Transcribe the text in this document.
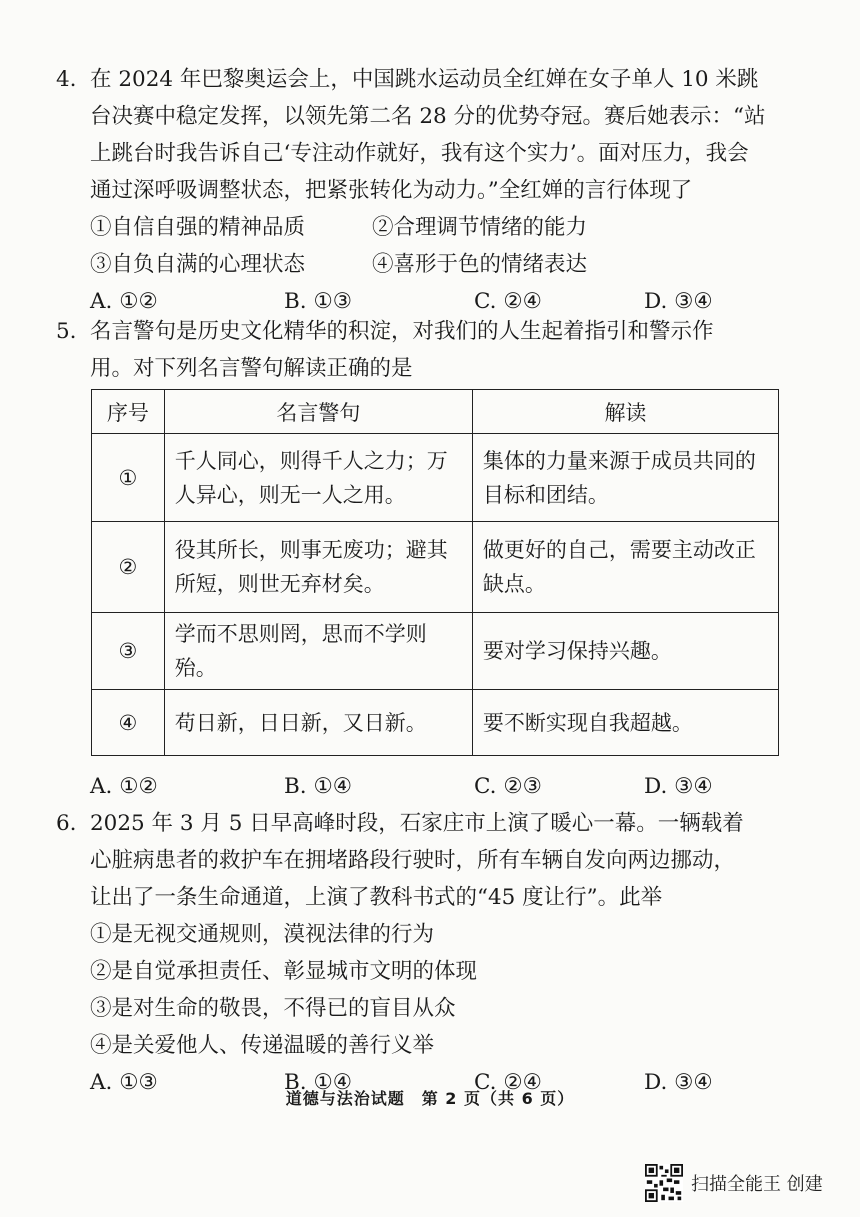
4. 在 2024 年巴黎奥运会上，中国跳水运动员全红婵在女子单人 10 米跳
台决赛中稳定发挥，以领先第二名 28 分的优势夺冠。赛后她表示：“站
上跳台时我告诉自己‘专注动作就好，我有这个实力’。面对压力，我会
通过深呼吸调整状态，把紧张转化为动力。”全红婵的言行体现了
①自信自强的精神品质	②合理调节情绪的能力
③自负自满的心理状态	④喜形于色的情绪表达
A. ①②	B. ①③	C. ②④	D. ③④
5. 名言警句是历史文化精华的积淀，对我们的人生起着指引和警示作
用。对下列名言警句解读正确的是
序号	名言警句	解读
①	千人同心，则得千人之力；万人异心，则无一人之用。	集体的力量来源于成员共同的目标和团结。

②	役其所长，则事无废功；避其所短，则世无弃材矣。	做更好的自己，需要主动改正缺点。

③	学而不思则罔，思而不学则殆。	要对学习保持兴趣。

④	苟日新，日日新，又日新。	要不断实现自我超越。
A. ①②	B. ①④	C. ②③	D. ③④
6. 2025 年 3 月 5 日早高峰时段，石家庄市上演了暖心一幕。一辆载着
心脏病患者的救护车在拥堵路段行驶时，所有车辆自发向两边挪动，
让出了一条生命通道，上演了教科书式的“45 度让行”。此举
①是无视交通规则，漠视法律的行为
②是自觉承担责任、彰显城市文明的体现
③是对生命的敬畏，不得已的盲目从众
④是关爱他人、传递温暖的善行义举
A. ①③	B. ①④	C. ②④	D. ③④
道德与法治试题　第 2 页（共 6 页）
扫描全能王 创建
